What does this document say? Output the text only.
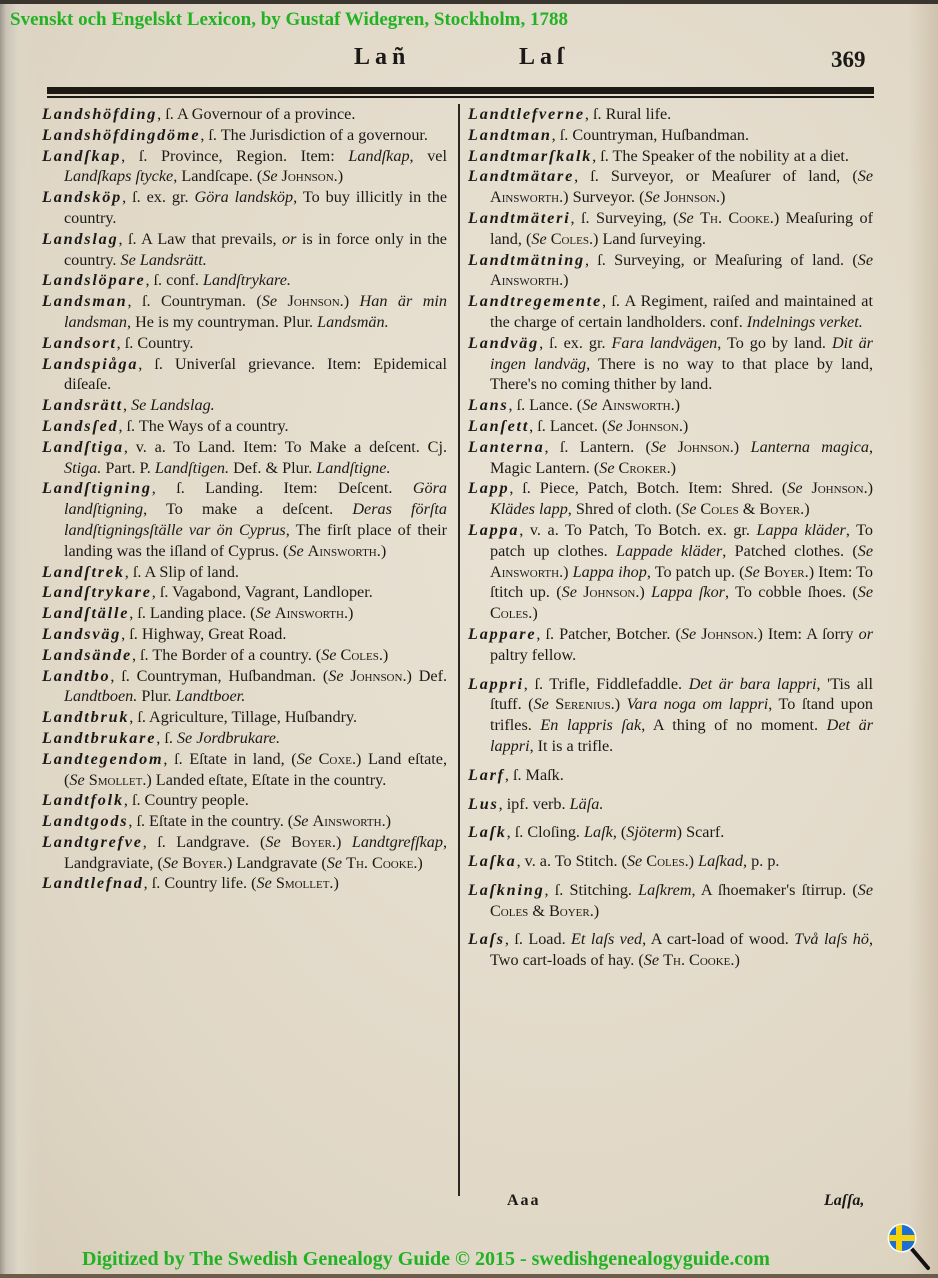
Svenskt och Engelskt Lexicon, by Gustaf Widegren, Stockholm, 1788
Lañ	Laſ	369

Landshöfding, ſ. A Governour of a province.

Landshöfdingdöme, ſ. The Jurisdiction of a governour.

Landſkap, ſ. Province, Region. Item: Landſkap, vel Landſkaps ſtycke, Landſcape. (Se Johnson.)

Landsköp, ſ. ex. gr. Göra landsköp, To buy illicitly in the country.

Landslag, ſ. A Law that prevails, or is in force only in the country. Se Landsrätt.

Landslöpare, ſ. conf. Landſtrykare.

Landsman, ſ. Countryman. (Se Johnson.) Han är min landsman, He is my countryman. Plur. Landsmän.

Landsort, ſ. Country.

Landspiåga, ſ. Univerſal grievance. Item: Epidemical diſeaſe.

Landsrätt, Se Landslag.

Landsſed, ſ. The Ways of a country.

Landſtiga, v. a. To Land. Item: To Make a deſcent. Cj. Stiga. Part. P. Landſtigen. Def. & Plur. Landſtigne.

Landſtigning, ſ. Landing. Item: Deſcent. Göra landſtigning, To make a deſcent. Deras förſta landſtigningsſtälle var ön Cyprus, The firſt place of their landing was the iſland of Cyprus. (Se Ainsworth.)

Landſtrek, ſ. A Slip of land.

Landſtrykare, ſ. Vagabond, Vagrant, Landloper.

Landſtälle, ſ. Landing place. (Se Ainsworth.)

Landsväg, ſ. Highway, Great Road.

Landsände, ſ. The Border of a country. (Se Coles.)

Landtbo, ſ. Countryman, Huſbandman. (Se Johnson.) Def. Landtboen. Plur. Landtboer.

Landtbruk, ſ. Agriculture, Tillage, Huſbandry.

Landtbrukare, ſ. Se Jordbrukare.

Landtegendom, ſ. Eſtate in land, (Se Coxe.) Land eſtate, (Se Smollet.) Landed eſtate, Eſtate in the country.

Landtfolk, ſ. Country people.

Landtgods, ſ. Eſtate in the country. (Se Ainsworth.)

Landtgrefve, ſ. Landgrave. (Se Boyer.) Landtgrefſkap, Landgraviate, (Se Boyer.) Landgravate (Se Th. Cooke.)

Landtlefnad, ſ. Country life. (Se Smollet.)

Landtlefverne, ſ. Rural life.

Landtman, ſ. Countryman, Huſbandman.

Landtmarſkalk, ſ. The Speaker of the nobility at a diet.

Landtmätare, ſ. Surveyor, or Meaſurer of land, (Se Ainsworth.) Surveyor. (Se Johnson.)

Landtmäteri, ſ. Surveying, (Se Th. Cooke.) Meaſuring of land, (Se Coles.) Land ſurveying.

Landtmätning, ſ. Surveying, or Meaſuring of land. (Se Ainsworth.)

Landtregemente, ſ. A Regiment, raiſed and maintained at the charge of certain landholders. conf. Indelnings verket.

Landväg, ſ. ex. gr. Fara landvägen, To go by land. Dit är ingen landväg, There is no way to that place by land, There's no coming thither by land.

Lans, ſ. Lance. (Se Ainsworth.)

Lanſett, ſ. Lancet. (Se Johnson.)

Lanterna, ſ. Lantern. (Se Johnson.) Lanterna magica, Magic Lantern. (Se Croker.)

Lapp, ſ. Piece, Patch, Botch. Item: Shred. (Se Johnson.) Klädes lapp, Shred of cloth. (Se Coles & Boyer.)

Lappa, v. a. To Patch, To Botch. ex. gr. Lappa kläder, To patch up clothes. Lappade kläder, Patched clothes. (Se Ainsworth.) Lappa ihop, To patch up. (Se Boyer.) Item: To ſtitch up. (Se Johnson.) Lappa ſkor, To cobble ſhoes. (Se Coles.)

Lappare, ſ. Patcher, Botcher. (Se Johnson.) Item: A ſorry or paltry fellow.

Lappri, ſ. Trifle, Fiddlefaddle. Det är bara lappri, 'Tis all ſtuff. (Se Serenius.) Vara noga om lappri, To ſtand upon trifles. En lappris ſak, A thing of no moment. Det är lappri, It is a trifle.

Larf, ſ. Maſk.

Lus, ipf. verb. Läſa.

Laſk, ſ. Cloſing. Laſk, (Sjöterm) Scarf.

Laſka, v. a. To Stitch. (Se Coles.) Laſkad, p. p.

Laſkning, ſ. Stitching. Laſkrem, A ſhoemaker's ſtirrup. (Se Coles & Boyer.)

Laſs, ſ. Load. Et laſs ved, A cart-load of wood. Två laſs hö, Two cart-loads of hay. (Se Th. Cooke.)

Aaa	Laſſa,
Digitized by The Swedish Genealogy Guide © 2015 - swedishgenealogyguide.com
